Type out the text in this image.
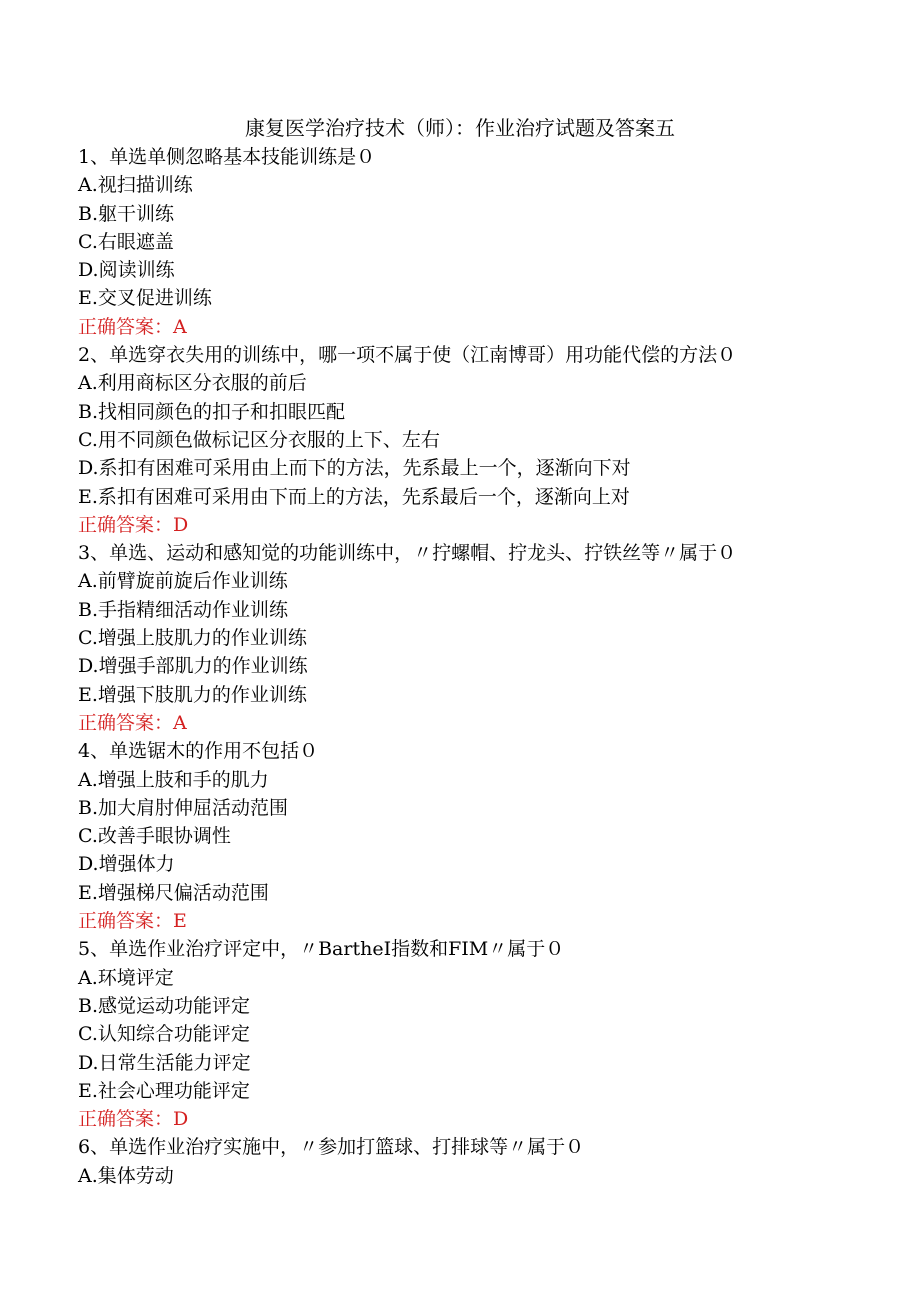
康复医学治疗技术（师）：作业治疗试题及答案五
1、单选单侧忽略基本技能训练是０
A.视扫描训练
B.躯干训练
C.右眼遮盖
D.阅读训练
E.交叉促进训练
正确答案：A
2、单选穿衣失用的训练中，哪一项不属于使（江南博哥）用功能代偿的方法０
A.利用商标区分衣服的前后
B.找相同颜色的扣子和扣眼匹配
C.用不同颜色做标记区分衣服的上下、左右
D.系扣有困难可采用由上而下的方法，先系最上一个，逐渐向下对
E.系扣有困难可采用由下而上的方法，先系最后一个，逐渐向上对
正确答案：D
3、单选、运动和感知觉的功能训练中，〃拧螺帽、拧龙头、拧铁丝等〃属于０
A.前臂旋前旋后作业训练
B.手指精细活动作业训练
C.增强上肢肌力的作业训练
D.增强手部肌力的作业训练
E.增强下肢肌力的作业训练
正确答案：A
4、单选锯木的作用不包括０
A.增强上肢和手的肌力
B.加大肩肘伸屈活动范围
C.改善手眼协调性
D.增强体力
E.增强梯尺偏活动范围
正确答案：E
5、单选作业治疗评定中，〃BartheI指数和FIM〃属于０
A.环境评定
B.感觉运动功能评定
C.认知综合功能评定
D.日常生活能力评定
E.社会心理功能评定
正确答案：D
6、单选作业治疗实施中，〃参加打篮球、打排球等〃属于０
A.集体劳动
